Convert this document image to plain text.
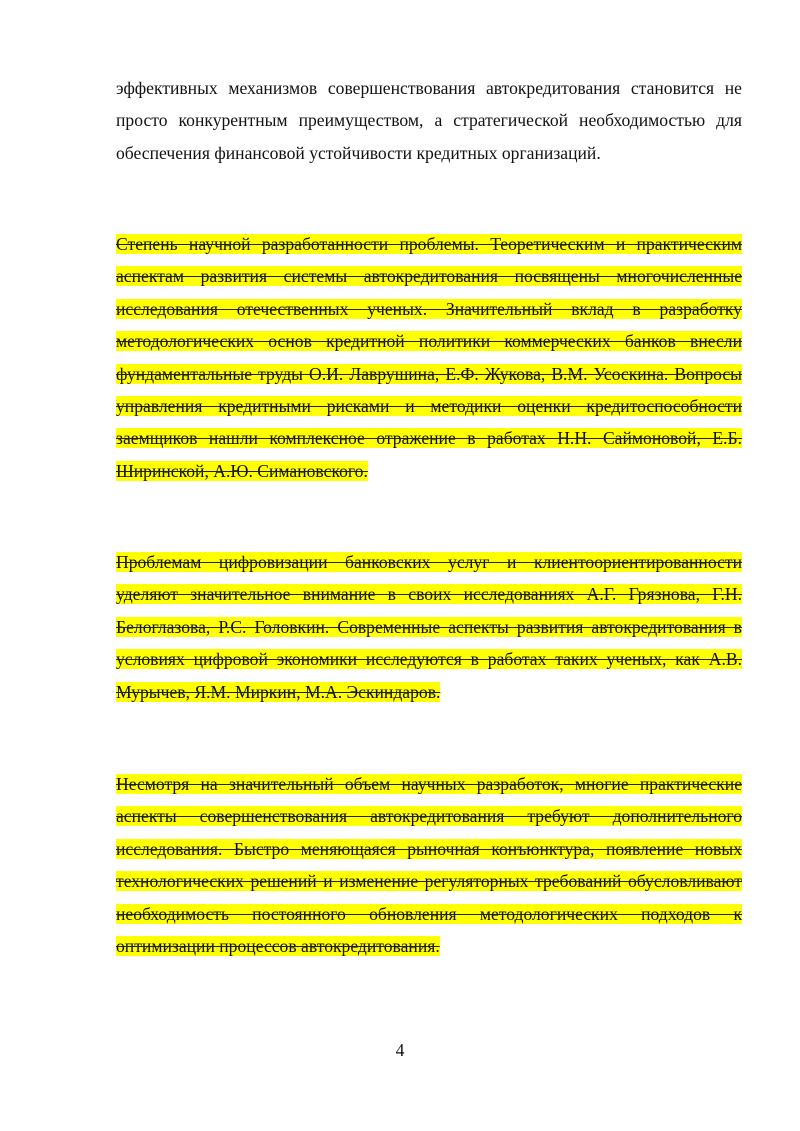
эффективных механизмов совершенствования автокредитования становится не просто конкурентным преимуществом, а стратегической необходимостью для обеспечения финансовой устойчивости кредитных организаций.

Степень научной разработанности проблемы. Теоретическим и практическим аспектам развития системы автокредитования посвящены многочисленные исследования отечественных ученых. Значительный вклад в разработку методологических основ кредитной политики коммерческих банков внесли фундаментальные труды О.И. Лаврушина, Е.Ф. Жукова, В.М. Усоскина. Вопросы управления кредитными рисками и методики оценки кредитоспособности заемщиков нашли комплексное отражение в работах Н.Н. Саймоновой, Е.Б. Ширинской, А.Ю. Симановского.

Проблемам цифровизации банковских услуг и клиентоориентированности уделяют значительное внимание в своих исследованиях А.Г. Грязнова, Г.Н. Белоглазова, Р.С. Головкин. Современные аспекты развития автокредитования в условиях цифровой экономики исследуются в работах таких ученых, как А.В. Мурычев, Я.М. Миркин, М.А. Эскиндаров.

Несмотря на значительный объем научных разработок, многие практические аспекты совершенствования автокредитования требуют дополнительного исследования. Быстро меняющаяся рыночная конъюнктура, появление новых технологических решений и изменение регуляторных требований обусловливают необходимость постоянного обновления методологических подходов к оптимизации процессов автокредитования.

4
